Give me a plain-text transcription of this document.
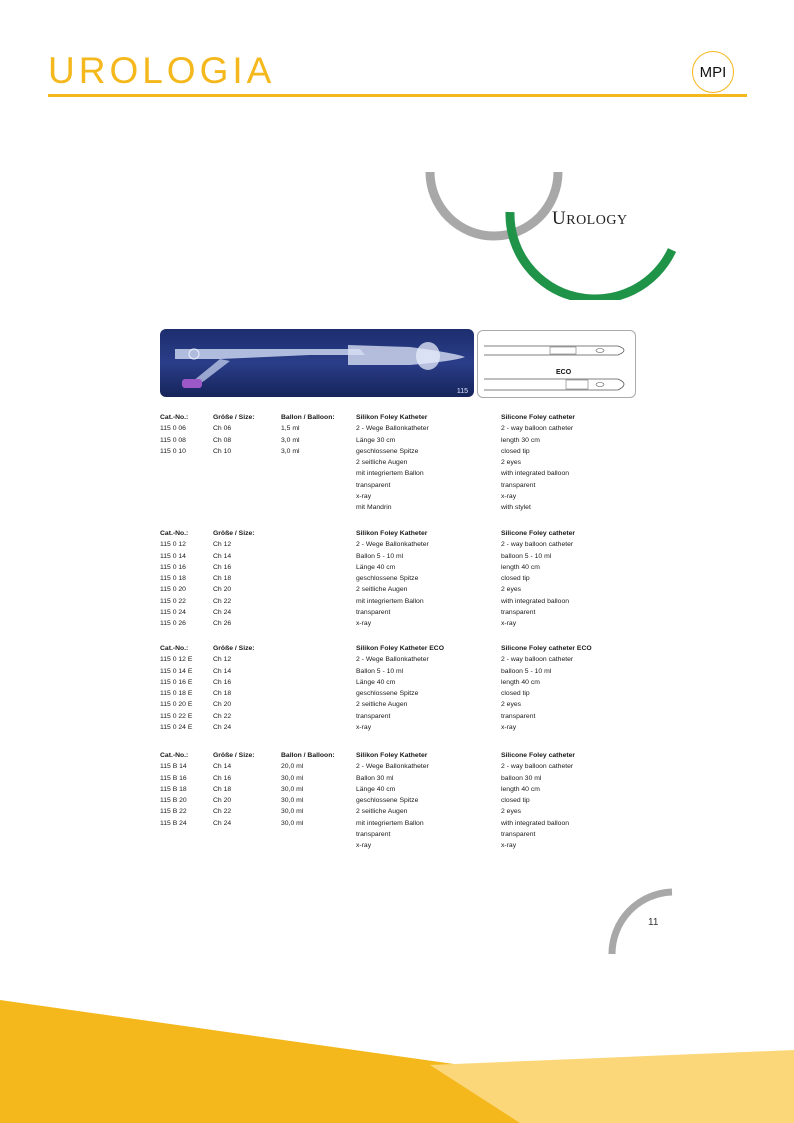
UROLOGIA	MPI
UROLOGY
115
ECO
Cat.-No.:
115 0 06
115 0 08
115 0 10
Größe / Size:
Ch 06
Ch 08
Ch 10
Ballon / Balloon:
1,5 ml
3,0 ml
3,0 ml
Silikon Foley Katheter
2 - Wege Ballonkatheter
Länge 30 cm
geschlossene Spitze
2 seitliche Augen
mit integriertem Ballon
transparent
x-ray
mit Mandrin
Silicone Foley catheter
2 - way balloon catheter
length 30 cm
closed tip
2 eyes
with integrated balloon
transparent
x-ray
with stylet
Cat.-No.:
115 0 12
115 0 14
115 0 16
115 0 18
115 0 20
115 0 22
115 0 24
115 0 26
Größe / Size:
Ch 12
Ch 14
Ch 16
Ch 18
Ch 20
Ch 22
Ch 24
Ch 26
Silikon Foley Katheter
2 - Wege Ballonkatheter
Ballon 5 - 10 ml
Länge 40 cm
geschlossene Spitze
2 seitliche Augen
mit integriertem Ballon
transparent
x-ray
Silicone Foley catheter
2 - way balloon catheter
balloon 5 - 10 ml
length 40 cm
closed tip
2 eyes
with integrated balloon
transparent
x-ray
Cat.-No.:
115 0 12 E
115 0 14 E
115 0 16 E
115 0 18 E
115 0 20 E
115 0 22 E
115 0 24 E
Größe / Size:
Ch 12
Ch 14
Ch 16
Ch 18
Ch 20
Ch 22
Ch 24
Silikon Foley Katheter ECO
2 - Wege Ballonkatheter
Ballon 5 - 10 ml
Länge 40 cm
geschlossene Spitze
2 seitliche Augen
transparent
x-ray
Silicone Foley catheter ECO
2 - way balloon catheter
balloon 5 - 10 ml
length 40 cm
closed tip
2 eyes
transparent
x-ray
Cat.-No.:
115 B 14
115 B 16
115 B 18
115 B 20
115 B 22
115 B 24
Größe / Size:
Ch 14
Ch 16
Ch 18
Ch 20
Ch 22
Ch 24
Ballon / Balloon:
20,0 ml
30,0 ml
30,0 ml
30,0 ml
30,0 ml
30,0 ml
Silikon Foley Katheter
2 - Wege Ballonkatheter
Ballon 30 ml
Länge 40 cm
geschlossene Spitze
2 seitliche Augen
mit integriertem Ballon
transparent
x-ray
Silicone Foley catheter
2 - way balloon catheter
balloon 30 ml
length 40 cm
closed tip
2 eyes
with integrated balloon
transparent
x-ray
11
